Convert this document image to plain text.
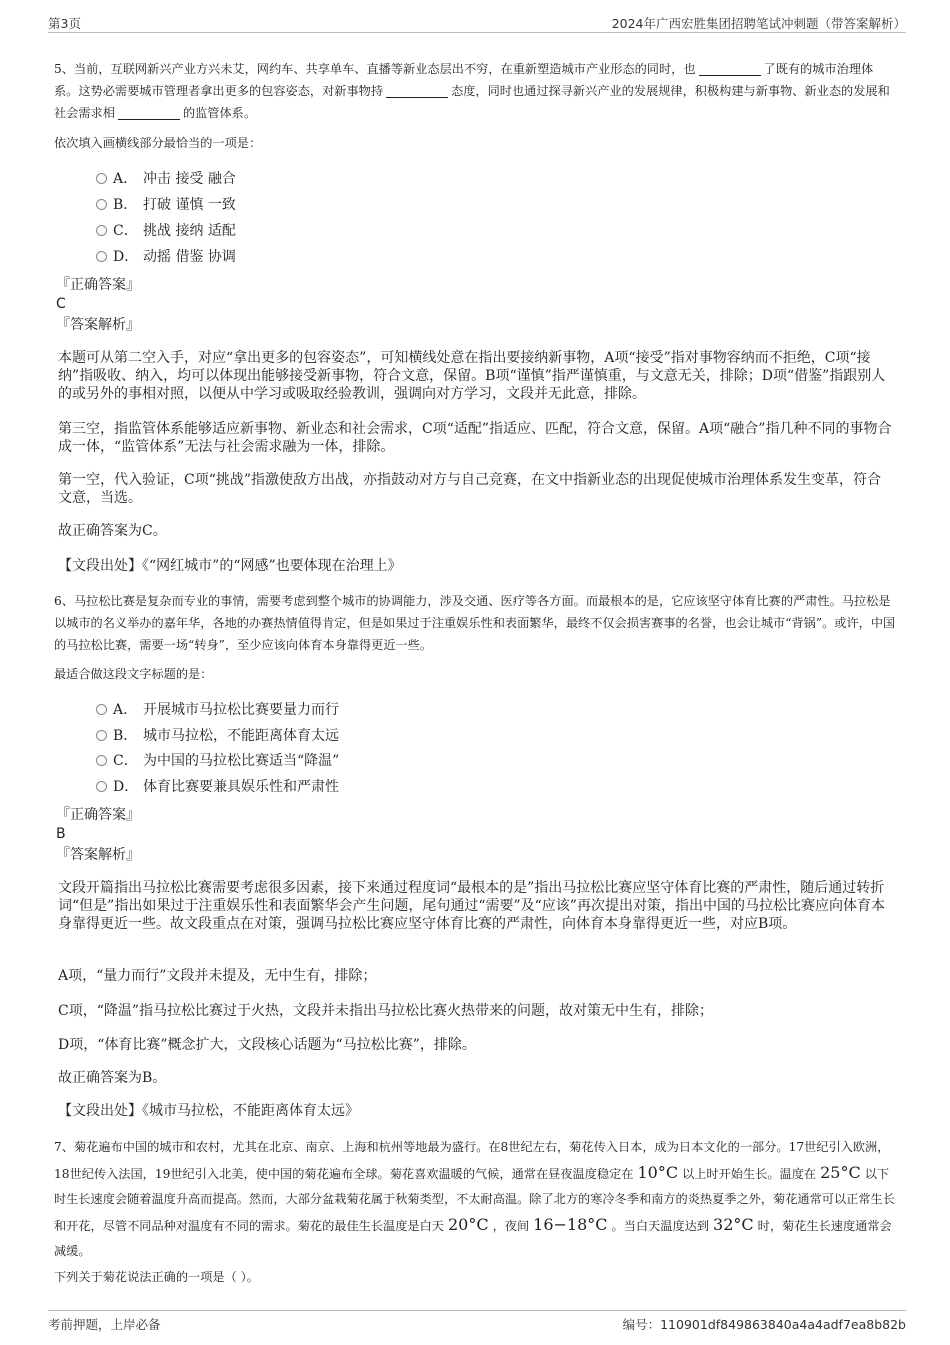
第3页	2024年广西宏胜集团招聘笔试冲刺题（带答案解析）

5、当前，互联网新兴产业方兴未艾，网约车、共享单车、直播等新业态层出不穷，在重新塑造城市产业形态的同时，也	了既有的城市治理体系。这势必需要城市管理者拿出更多的包容姿态，对新事物持	态度，同时也通过探寻新兴产业的发展规律，积极构建与新事物、新业态的发展和社会需求相	的监管体系。

依次填入画横线部分最恰当的一项是：
A． 冲击 接受 融合
B． 打破 谨慎 一致
C． 挑战 接纳 适配
D． 动摇 借鉴 协调
『正确答案』
C
『答案解析』

本题可从第二空入手，对应“拿出更多的包容姿态”，可知横线处意在指出要接纳新事物，A项“接受”指对事物容纳而不拒绝，C项“接纳”指吸收、纳入，均可以体现出能够接受新事物，符合文意，保留。B项“谨慎”指严谨慎重，与文意无关，排除；D项“借鉴”指跟别人的或另外的事相对照，以便从中学习或吸取经验教训，强调向对方学习，文段并无此意，排除。

第三空，指监管体系能够适应新事物、新业态和社会需求，C项“适配”指适应、匹配，符合文意，保留。A项“融合”指几种不同的事物合成一体，“监管体系”无法与社会需求融为一体，排除。

第一空，代入验证，C项“挑战”指激使敌方出战，亦指鼓动对方与自己竞赛，在文中指新业态的出现促使城市治理体系发生变革，符合文意，当选。

故正确答案为C。

【文段出处】《“网红城市”的“网感”也要体现在治理上》

6、马拉松比赛是复杂而专业的事情，需要考虑到整个城市的协调能力，涉及交通、医疗等各方面。而最根本的是，它应该坚守体育比赛的严肃性。马拉松是以城市的名义举办的嘉年华，各地的办赛热情值得肯定，但是如果过于注重娱乐性和表面繁华，最终不仅会损害赛事的名誉，也会让城市“背锅”。或许，中国的马拉松比赛，需要一场“转身”，至少应该向体育本身靠得更近一些。

最适合做这段文字标题的是：
A． 开展城市马拉松比赛要量力而行
B． 城市马拉松，不能距离体育太远
C． 为中国的马拉松比赛适当“降温”
D． 体育比赛要兼具娱乐性和严肃性
『正确答案』
B
『答案解析』

文段开篇指出马拉松比赛需要考虑很多因素，接下来通过程度词“最根本的是”指出马拉松比赛应坚守体育比赛的严肃性，随后通过转折词“但是”指出如果过于注重娱乐性和表面繁华会产生问题，尾句通过“需要”及“应该”再次提出对策，指出中国的马拉松比赛应向体育本身靠得更近一些。故文段重点在对策，强调马拉松比赛应坚守体育比赛的严肃性，向体育本身靠得更近一些，对应B项。

A项，“量力而行”文段并未提及，无中生有，排除；

C项，“降温”指马拉松比赛过于火热，文段并未指出马拉松比赛火热带来的问题，故对策无中生有，排除；

D项，“体育比赛”概念扩大，文段核心话题为“马拉松比赛”，排除。

故正确答案为B。

【文段出处】《城市马拉松，不能距离体育太远》

7、菊花遍布中国的城市和农村，尤其在北京、南京、上海和杭州等地最为盛行。在8世纪左右，菊花传入日本，成为日本文化的一部分。17世纪引入欧洲，18世纪传入法国，19世纪引入北美，使中国的菊花遍布全球。菊花喜欢温暖的气候，通常在昼夜温度稳定在 10°C 以上时开始生长。温度在 25°C 以下时生长速度会随着温度升高而提高。然而，大部分盆栽菊花属于秋菊类型，不太耐高温。除了北方的寒冷冬季和南方的炎热夏季之外，菊花通常可以正常生长和开花，尽管不同品种对温度有不同的需求。菊花的最佳生长温度是白天 20°C ，夜间 16−18°C 。当白天温度达到 32°C 时，菊花生长速度通常会减缓。

下列关于菊花说法正确的一项是（ ）。
考前押题，上岸必备	编号：110901df849863840a4a4adf7ea8b82b
